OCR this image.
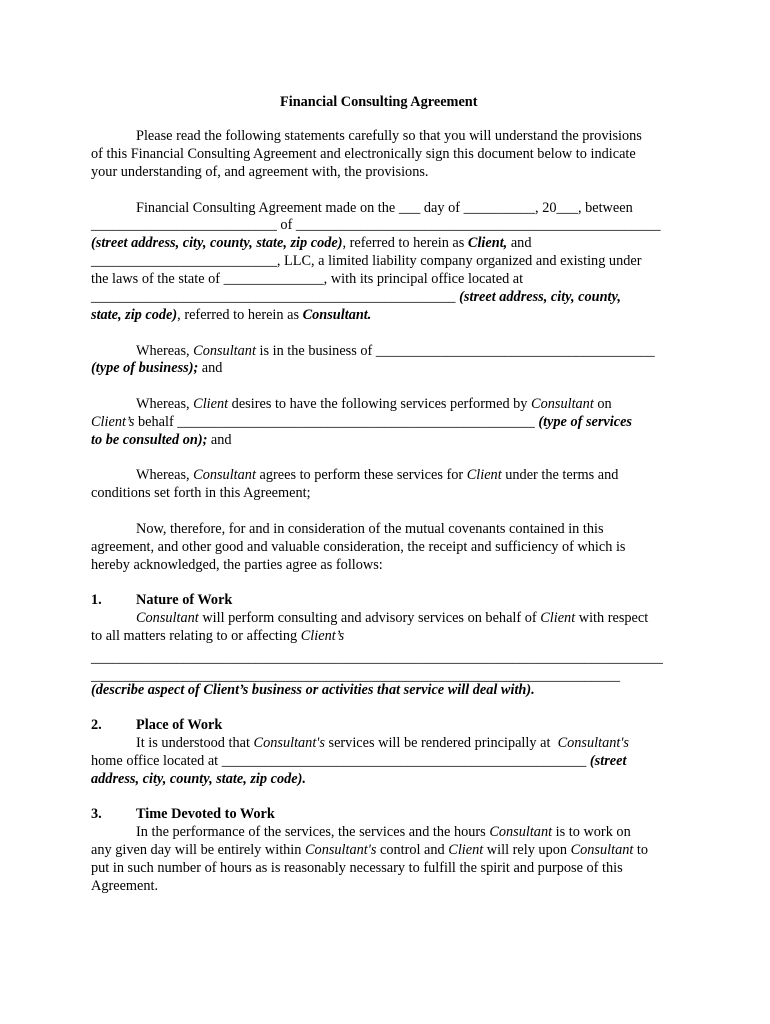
Financial Consulting Agreement
Please read the following statements carefully so that you will understand the provisions
of this Financial Consulting Agreement and electronically sign this document below to indicate
your understanding of, and agreement with, the provisions.
Financial Consulting Agreement made on the ___ day of __________, 20___, between
__________________________ of ___________________________________________________
(street address, city, county, state, zip code), referred to herein as Client, and
__________________________, LLC, a limited liability company organized and existing under
the laws of the state of ______________, with its principal office located at
___________________________________________________ (street address, city, county,
state, zip code), referred to herein as Consultant.
Whereas, Consultant is in the business of _______________________________________
(type of business); and
Whereas, Client desires to have the following services performed by Consultant on
Client’s behalf __________________________________________________ (type of services
to be consulted on); and
Whereas, Consultant agrees to perform these services for Client under the terms and
conditions set forth in this Agreement;
Now, therefore, for and in consideration of the mutual covenants contained in this
agreement, and other good and valuable consideration, the receipt and sufficiency of which is
hereby acknowledged, the parties agree as follows:
1.	Nature of Work
Consultant will perform consulting and advisory services on behalf of Client with respect
to all matters relating to or affecting Client’s
________________________________________________________________________________
__________________________________________________________________________
(describe aspect of Client’s business or activities that service will deal with).
2.	Place of Work
It is understood that Consultant's services will be rendered principally at  Consultant's
home office located at ___________________________________________________ (street
address, city, county, state, zip code).
3.	Time Devoted to Work
In the performance of the services, the services and the hours Consultant is to work on
any given day will be entirely within Consultant's control and Client will rely upon Consultant to
put in such number of hours as is reasonably necessary to fulfill the spirit and purpose of this
Agreement.
